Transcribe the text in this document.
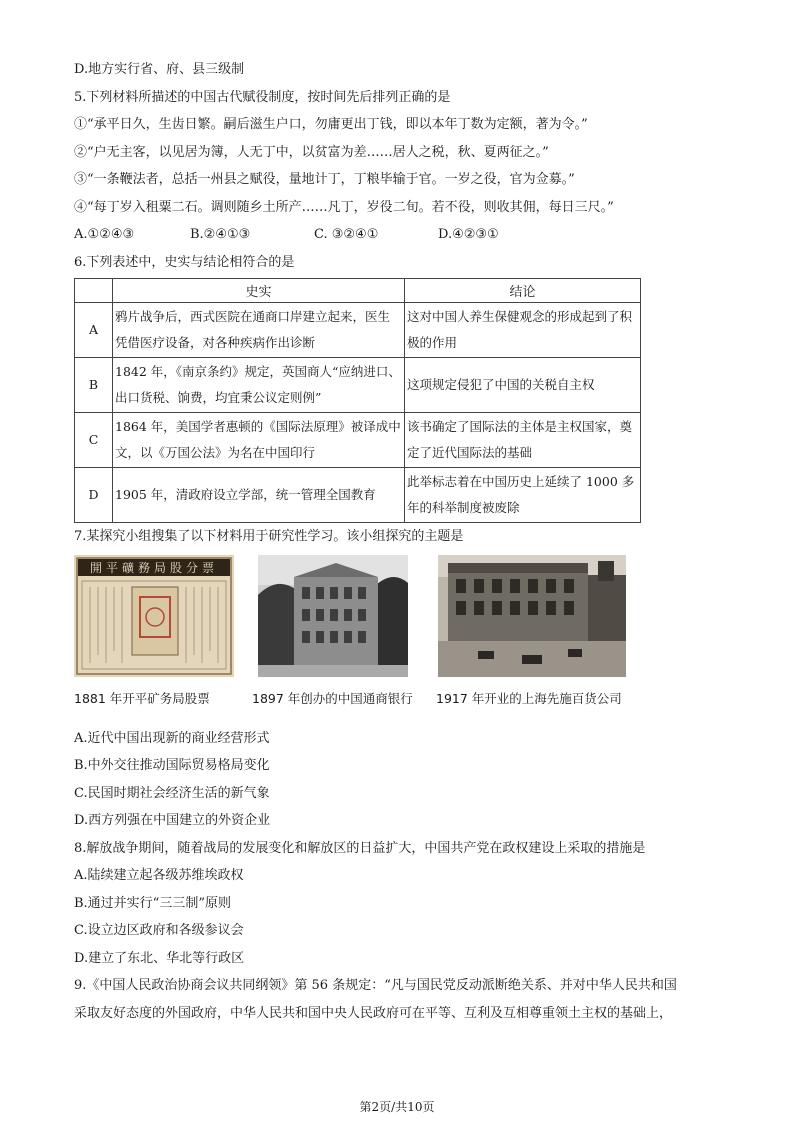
D.地方实行省、府、县三级制
5.下列材料所描述的中国古代赋役制度，按时间先后排列正确的是
①“承平日久，生齿日繁。嗣后滋生户口，勿庸更出丁钱，即以本年丁数为定额，著为令。”
②“户无主客，以见居为簿，人无丁中，以贫富为差……居人之税，秋、夏两征之。”
③“一条鞭法者，总括一州县之赋役，量地计丁，丁粮毕输于官。一岁之役，官为佥募。”
④“每丁岁入租粟二石。调则随乡土所产……凡丁，岁役二旬。若不役，则收其佣，每日三尺。”
A.①②④③	B.②④①③	C. ③②④①	D.④②③①
6.下列表述中，史实与结论相符合的是
	史实	结论
A	鸦片战争后，西式医院在通商口岸建立起来，医生凭借医疗设备，对各种疾病作出诊断	这对中国人养生保健观念的形成起到了积极的作用
B	1842 年，《南京条约》规定，英国商人“应纳进口、出口货税、饷费，均宜秉公议定则例”	这项规定侵犯了中国的关税自主权
C	1864 年，美国学者惠顿的《国际法原理》被译成中文，以《万国公法》为名在中国印行	该书确定了国际法的主体是主权国家，奠定了近代国际法的基础
D	1905 年，清政府设立学部，统一管理全国教育	此举标志着在中国历史上延续了 1000 多年的科举制度被废除
7.某探究小组搜集了以下材料用于研究性学习。该小组探究的主题是
開平礦務局股分票
1881 年开平矿务局股票	1897 年创办的中国通商银行 1917 年开业的上海先施百货公司
A.近代中国出现新的商业经营形式
B.中外交往推动国际贸易格局变化
C.民国时期社会经济生活的新气象
D.西方列强在中国建立的外资企业
8.解放战争期间，随着战局的发展变化和解放区的日益扩大，中国共产党在政权建设上采取的措施是
A.陆续建立起各级苏维埃政权
B.通过并实行“三三制”原则
C.设立边区政府和各级参议会
D.建立了东北、华北等行政区
9.《中国人民政治协商会议共同纲领》第 56 条规定：“凡与国民党反动派断绝关系、并对中华人民共和国
采取友好态度的外国政府，中华人民共和国中央人民政府可在平等、互利及互相尊重领土主权的基础上，
第2页/共10页
